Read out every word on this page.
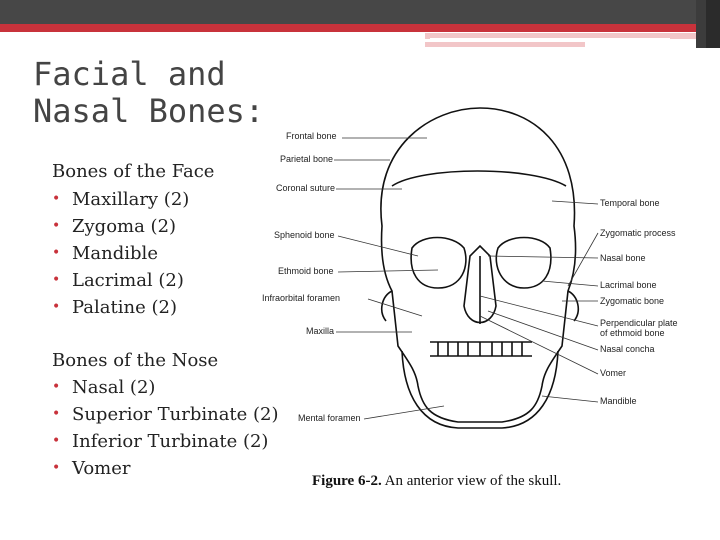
Facial and
Nasal Bones:

Bones of the Face

• Maxillary (2)
• Zygoma (2)
• Mandible
• Lacrimal (2)
• Palatine (2)

Bones of the Nose

• Nasal (2)
• Superior Turbinate (2)
• Inferior Turbinate (2)
• Vomer
Frontal bone
Parietal bone
Coronal suture
Sphenoid bone
Ethmoid bone
Infraorbital foramen
Maxilla
Mental foramen
Temporal bone
Zygomatic process
Nasal bone
Lacrimal bone
Zygomatic bone
Perpendicular plate
of ethmoid bone
Nasal concha
Vomer
Mandible

Figure 6-2. An anterior view of the skull.
